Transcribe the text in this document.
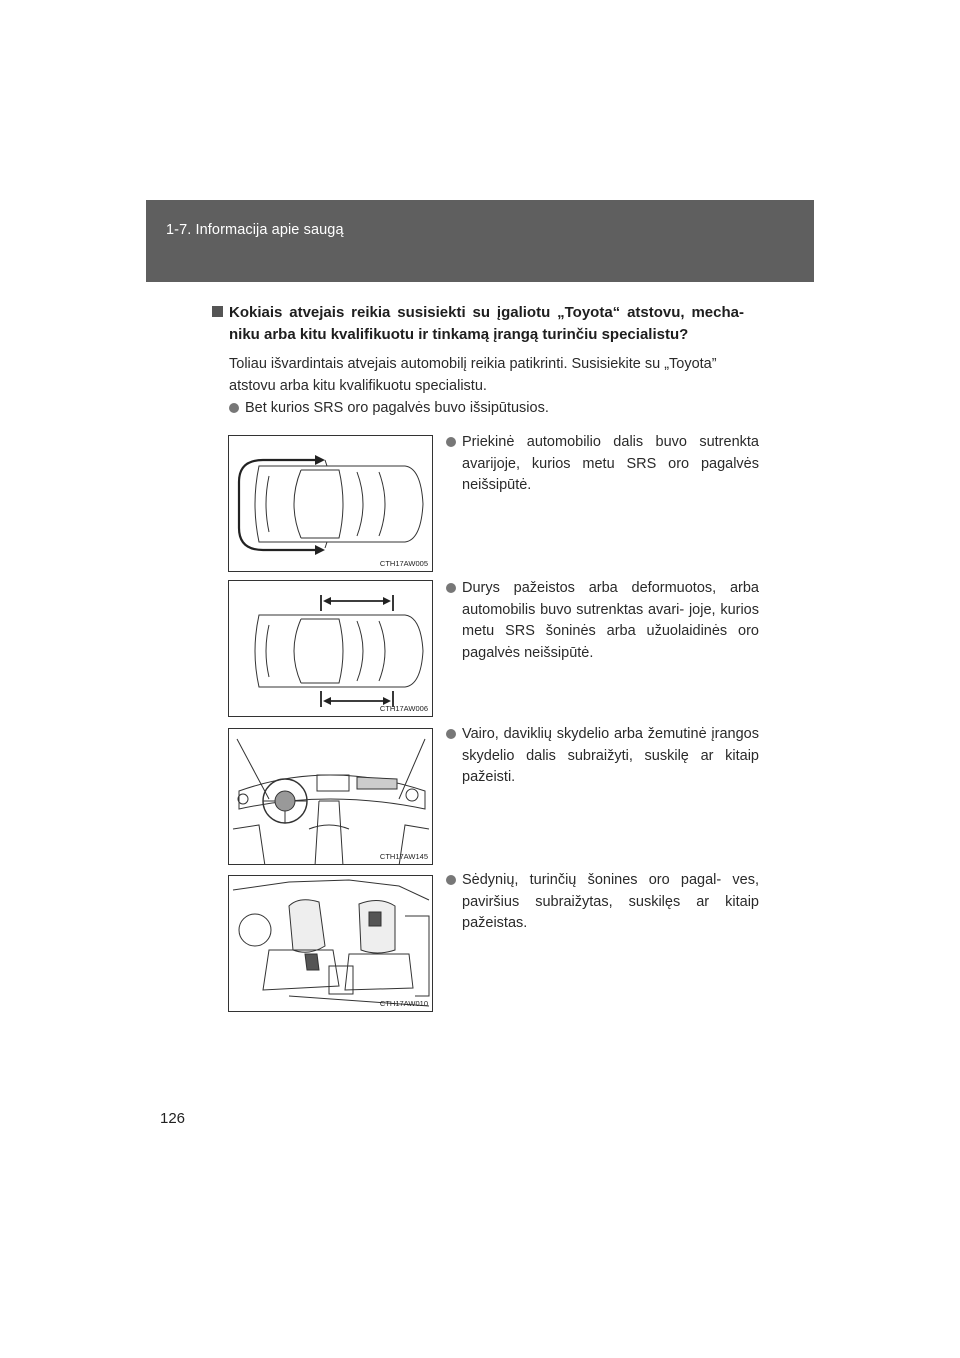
1-7. Informacija apie saugą
Kokiais atvejais reikia susisiekti su įgaliotu „Toyota“ atstovu, mecha- niku arba kitu kvalifikuotu ir tinkamą įrangą turinčiu specialistu?
Toliau išvardintais atvejais automobilį reikia patikrinti. Susisiekite su „Toyota” atstovu arba kitu kvalifikuotu specialistu.
Bet kurios SRS oro pagalvės buvo išsipūtusios.
CTH17AW005
CTH17AW006
CTH17AW145
CTH17AW010
Priekinė automobilio dalis buvo sutrenkta avarijoje, kurios metu SRS oro pagalvės neišsipūtė.
Durys pažeistos arba deformuotos, arba automobilis buvo sutrenktas avari- joje, kurios metu SRS šoninės arba užuolaidinės oro pagalvės neišsipūtė.
Vairo, daviklių skydelio arba žemutinė įrangos skydelio dalis subraižyti, suskilę ar kitaip pažeisti.
Sėdynių, turinčių šonines oro pagal- ves, paviršius subraižytas, suskilęs ar kitaip pažeistas.
126
